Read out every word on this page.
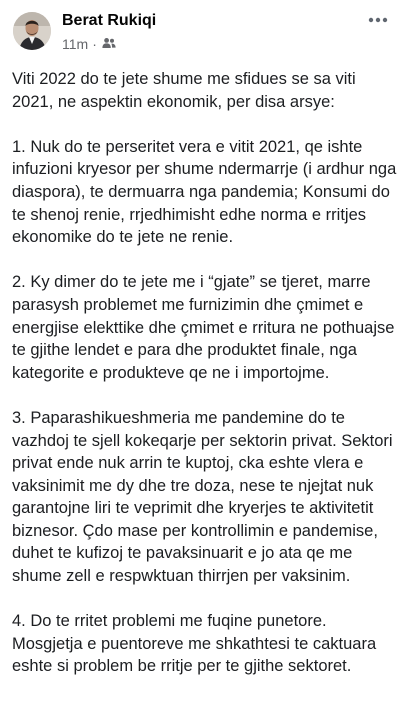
Berat Rukiqi
11m ·

Viti 2022 do te jete shume me sfidues se sa viti 2021, ne aspektin ekonomik, per disa arsye:

1. Nuk do te perseritet vera e vitit 2021, qe ishte infuzioni kryesor per shume ndermarrje (i ardhur nga diaspora), te dermuarra nga pandemia; Konsumi do te shenoj renie, rrjedhimisht edhe norma e rritjes ekonomike do te jete ne renie.

2. Ky dimer do te jete me i “gjate” se tjeret, marre parasysh problemet me furnizimin dhe çmimet e energjise elekttike dhe çmimet e rritura ne pothuajse te gjithe lendet e para dhe produktet finale, nga kategorite e produkteve qe ne i importojme.

3. Paparashikueshmeria me pandemine do te vazhdoj te sjell kokeqarje per sektorin privat. Sektori privat ende nuk arrin te kuptoj, cka eshte vlera e vaksinimit me dy dhe tre doza, nese te njejtat nuk garantojne liri te veprimit dhe kryerjes te aktivitetit biznesor. Çdo mase per kontrollimin e pandemise, duhet te kufizoj te pavaksinuarit e jo ata qe me shume zell e respwktuan thirrjen per vaksinim.

4. Do te rritet problemi me fuqine punetore. Mosgjetja e puentoreve me shkathtesi te caktuara eshte si problem be rritje per te gjithe sektoret.
